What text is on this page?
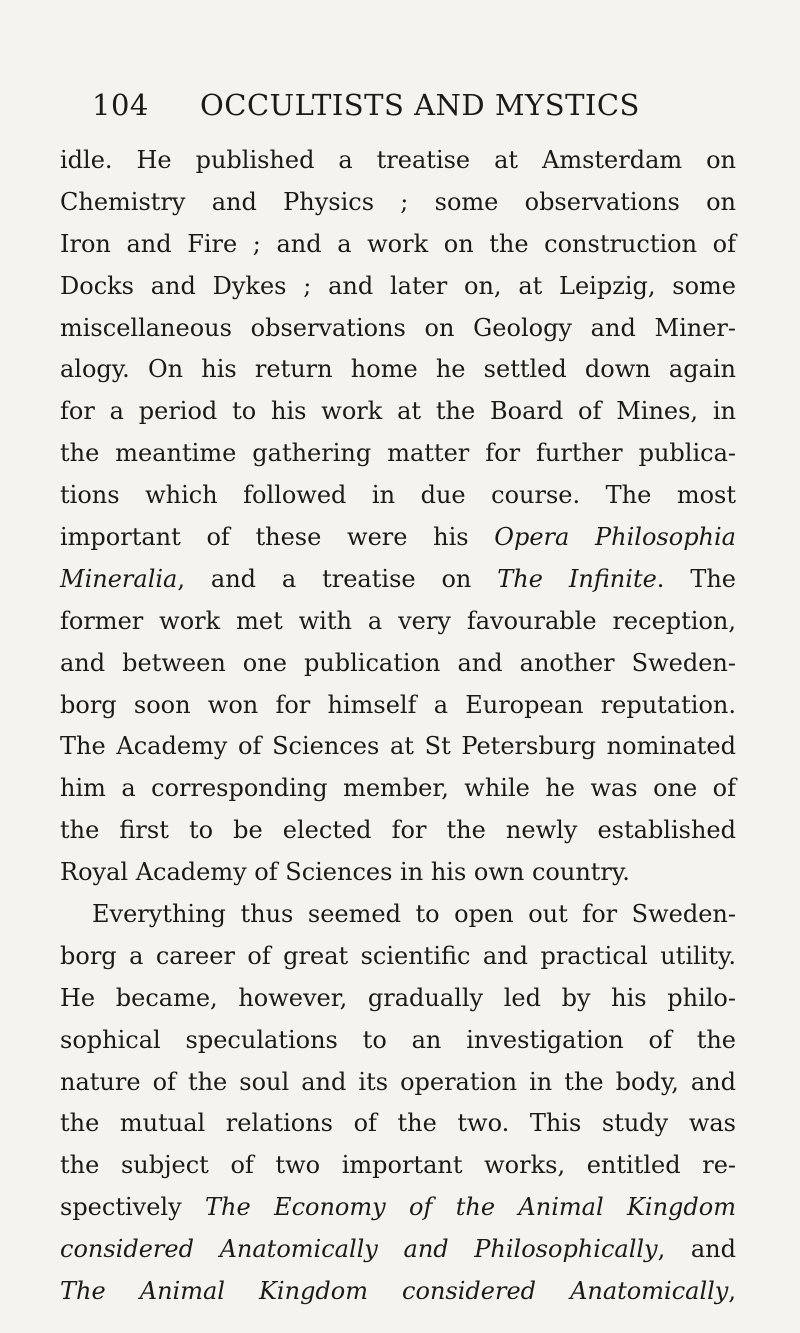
104 OCCULTISTS AND MYSTICS
idle. He published a treatise at Amsterdam on
Chemistry and Physics ; some observations on
Iron and Fire ; and a work on the construction of
Docks and Dykes ; and later on, at Leipzig, some
miscellaneous observations on Geology and Miner-
alogy. On his return home he settled down again
for a period to his work at the Board of Mines, in
the meantime gathering matter for further publica-
tions which followed in due course. The most
important of these were his Opera Philosophia
Mineralia, and a treatise on The Infinite. The
former work met with a very favourable reception,
and between one publication and another Sweden-
borg soon won for himself a European reputation.
The Academy of Sciences at St Petersburg nominated
him a corresponding member, while he was one of
the first to be elected for the newly established
Royal Academy of Sciences in his own country.
Everything thus seemed to open out for Sweden-
borg a career of great scientific and practical utility.
He became, however, gradually led by his philo-
sophical speculations to an investigation of the
nature of the soul and its operation in the body, and
the mutual relations of the two. This study was
the subject of two important works, entitled re-
spectively The Economy of the Animal Kingdom
considered Anatomically and Philosophically, and
The Animal Kingdom considered Anatomically,
